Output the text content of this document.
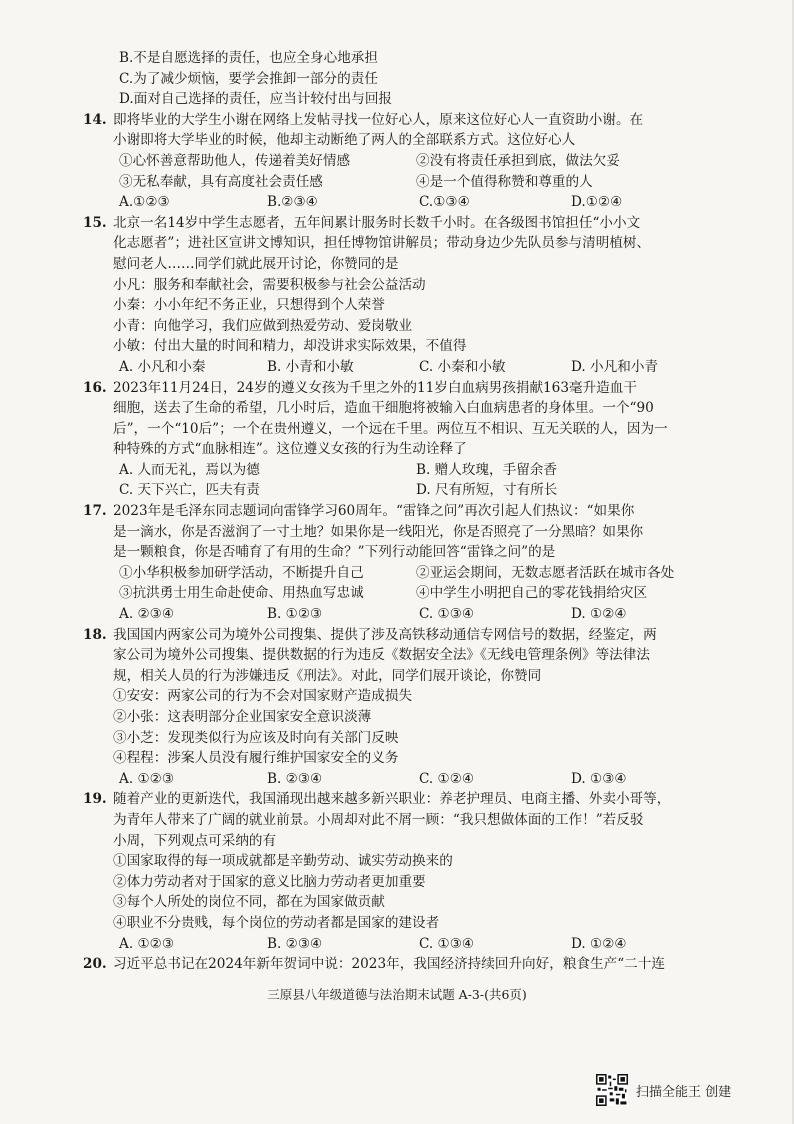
B.不是自愿选择的责任，也应全身心地承担
C.为了减少烦恼，要学会推卸一部分的责任
D.面对自己选择的责任，应当计较付出与回报
14. 即将毕业的大学生小谢在网络上发帖寻找一位好心人，原来这位好心人一直资助小谢。在
小谢即将大学毕业的时候，他却主动断绝了两人的全部联系方式。这位好心人
①心怀善意帮助他人，传递着美好情感	②没有将责任承担到底，做法欠妥
③无私奉献，具有高度社会责任感	④是一个值得称赞和尊重的人
A.①②③	B.②③④	C.①③④	D.①②④
15. 北京一名14岁中学生志愿者，五年间累计服务时长数千小时。在各级图书馆担任“小小文
化志愿者”；进社区宣讲文博知识，担任博物馆讲解员；带动身边少先队员参与清明植树、
慰问老人……同学们就此展开讨论，你赞同的是
小凡：服务和奉献社会，需要积极参与社会公益活动
小秦：小小年纪不务正业，只想得到个人荣誉
小青：向他学习，我们应做到热爱劳动、爱岗敬业
小敏：付出大量的时间和精力，却没讲求实际效果，不值得
A. 小凡和小秦	B. 小青和小敏	C. 小秦和小敏	D. 小凡和小青
16. 2023年11月24日，24岁的遵义女孩为千里之外的11岁白血病男孩捐献163毫升造血干
细胞，送去了生命的希望，几小时后，造血干细胞将被输入白血病患者的身体里。一个“90
后”，一个“10后”；一个在贵州遵义，一个远在千里。两位互不相识、互无关联的人，因为一
种特殊的方式“血脉相连”。这位遵义女孩的行为生动诠释了
A. 人而无礼，焉以为德	B. 赠人玫瑰，手留余香
C. 天下兴亡，匹夫有责	D. 尺有所短，寸有所长
17. 2023年是毛泽东同志题词向雷锋学习60周年。“雷锋之问”再次引起人们热议：“如果你
是一滴水，你是否滋润了一寸土地？如果你是一线阳光，你是否照亮了一分黑暗？如果你
是一颗粮食，你是否哺育了有用的生命？”下列行动能回答“雷锋之问”的是
①小华积极参加研学活动，不断提升自己	②亚运会期间，无数志愿者活跃在城市各处
③抗洪勇士用生命赴使命、用热血写忠诚	④中学生小明把自己的零花钱捐给灾区
A. ②③④	B. ①②③	C. ①③④	D. ①②④
18. 我国国内两家公司为境外公司搜集、提供了涉及高铁移动通信专网信号的数据，经鉴定，两
家公司为境外公司搜集、提供数据的行为违反《数据安全法》《无线电管理条例》等法律法
规，相关人员的行为涉嫌违反《刑法》。对此，同学们展开谈论，你赞同
①安安：两家公司的行为不会对国家财产造成损失
②小张：这表明部分企业国家安全意识淡薄
③小芝：发现类似行为应该及时向有关部门反映
④程程：涉案人员没有履行维护国家安全的义务
A. ①②③	B. ②③④	C. ①②④	D. ①③④
19. 随着产业的更新迭代，我国涌现出越来越多新兴职业：养老护理员、电商主播、外卖小哥等，
为青年人带来了广阔的就业前景。小周却对此不屑一顾：“我只想做体面的工作！”若反驳
小周，下列观点可采纳的有
①国家取得的每一项成就都是辛勤劳动、诚实劳动换来的
②体力劳动者对于国家的意义比脑力劳动者更加重要
③每个人所处的岗位不同，都在为国家做贡献
④职业不分贵贱，每个岗位的劳动者都是国家的建设者
A. ①②③	B. ②③④	C. ①③④	D. ①②④
20. 习近平总书记在2024年新年贺词中说：2023年，我国经济持续回升向好，粮食生产“二十连
三原县八年级道德与法治期末试题 A-3-(共6页)
扫描全能王 创建
